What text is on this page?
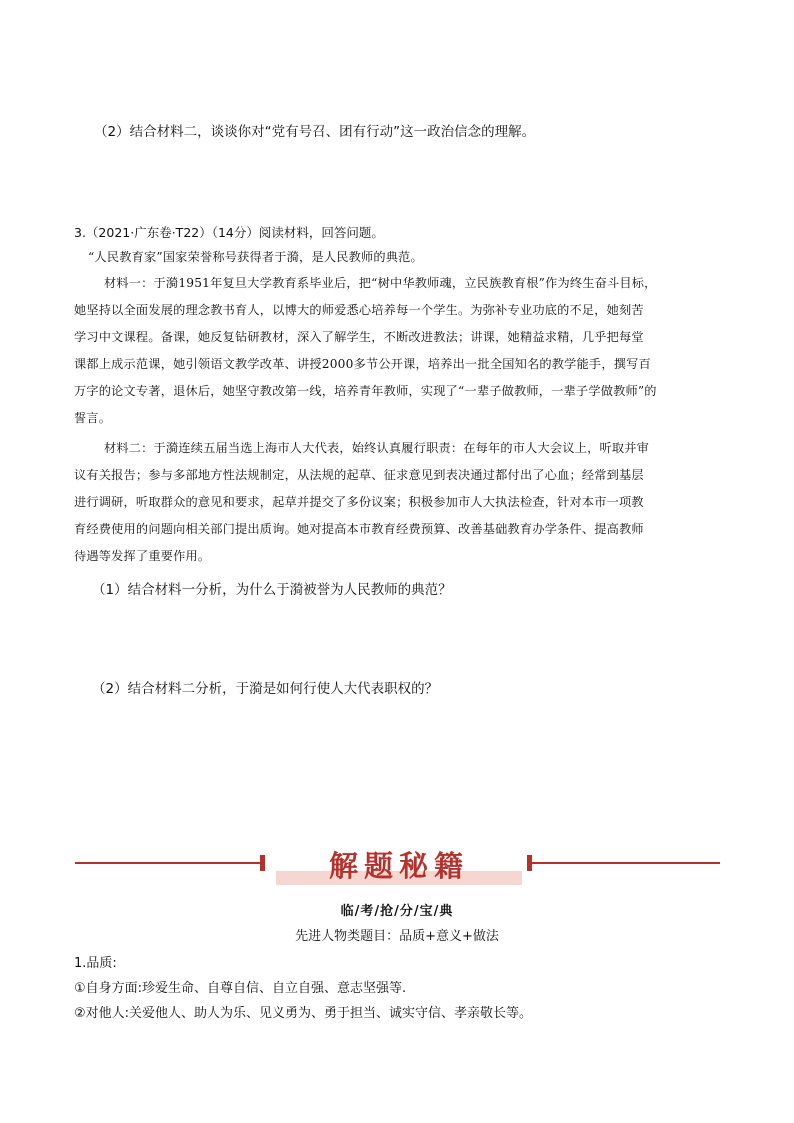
（2）结合材料二，谈谈你对“党有号召、团有行动”这一政治信念的理解。
3.（2021·广东卷·T22）（14分）阅读材料，回答问题。
“人民教育家”国家荣誉称号获得者于漪，是人民教师的典范。
材料一：于漪1951年复旦大学教育系毕业后，把“树中华教师魂，立民族教育根”作为终生奋斗目标，
她坚持以全面发展的理念教书育人，以博大的师爱悉心培养每一个学生。为弥补专业功底的不足，她刻苦
学习中文课程。备课，她反复钻研教材，深入了解学生，不断改进教法；讲课，她精益求精，几乎把每堂
课都上成示范课，她引领语文教学改革、讲授2000多节公开课，培养出一批全国知名的教学能手，撰写百
万字的论文专著，退休后，她坚守教改第一线，培养青年教师，实现了“一辈子做教师，一辈子学做教师”的
誓言。
材料二：于漪连续五届当选上海市人大代表，始终认真履行职责：在每年的市人大会议上，听取并审
议有关报告；参与多部地方性法规制定，从法规的起草、征求意见到表决通过都付出了心血；经常到基层
进行调研，听取群众的意见和要求，起草并提交了多份议案；积极参加市人大执法检查，针对本市一项教
育经费使用的问题向相关部门提出质询。她对提高本市教育经费预算、改善基础教育办学条件、提高教师
待遇等发挥了重要作用。
（1）结合材料一分析，为什么于漪被誉为人民教师的典范？
（2）结合材料二分析，于漪是如何行使人大代表职权的？
解题秘籍
临/考/抢/分/宝/典
先进人物类题目：品质+意义+做法
1.品质:
①自身方面:珍爱生命、自尊自信、自立自强、意志坚强等.
②对他人:关爱他人、助人为乐、见义勇为、勇于担当、诚实守信、孝亲敬长等。
